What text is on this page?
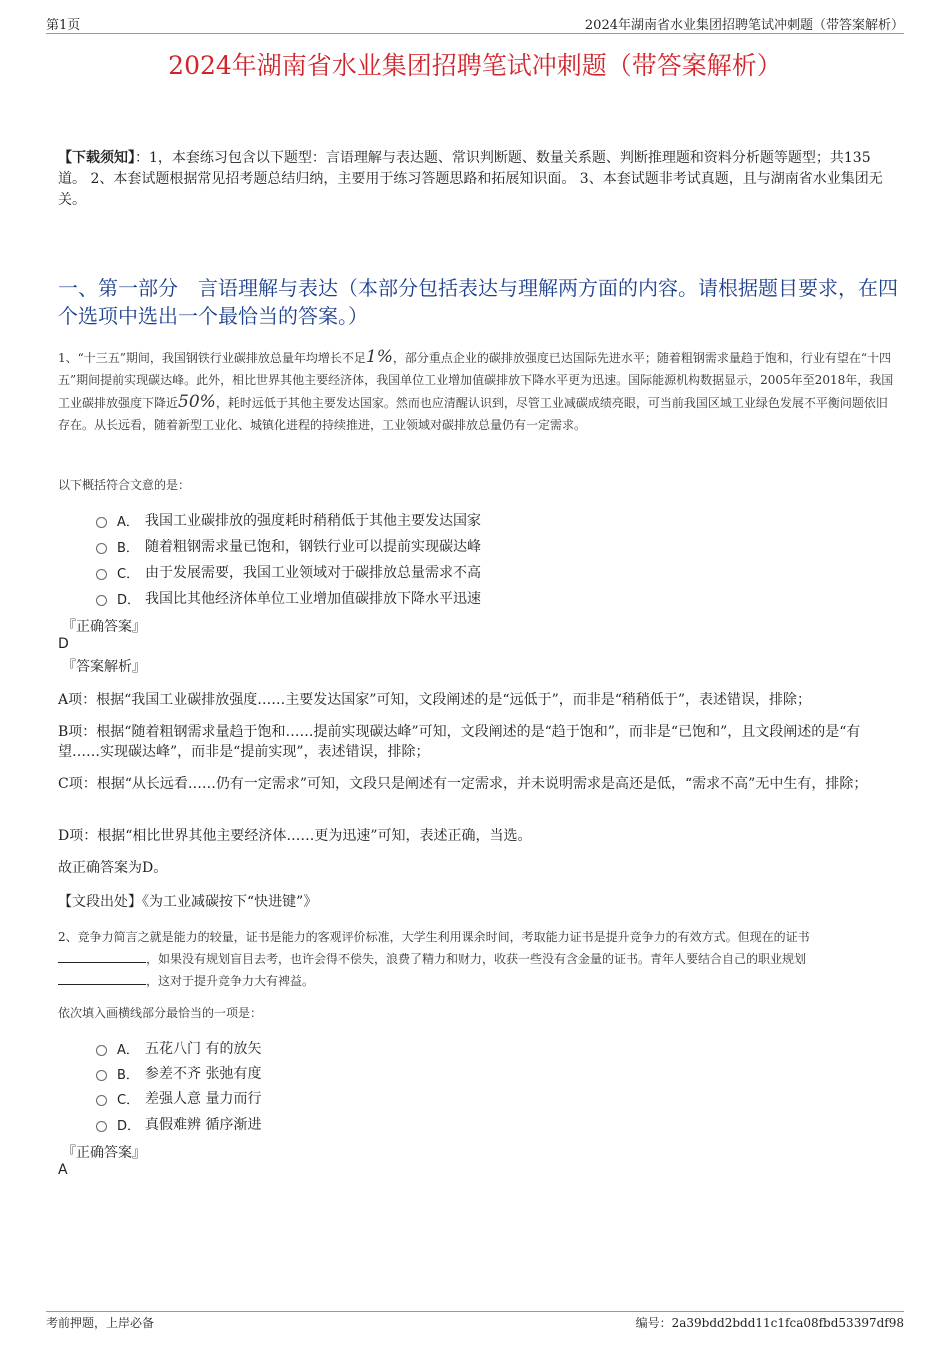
第1页	2024年湖南省水业集团招聘笔试冲刺题（带答案解析）
2024年湖南省水业集团招聘笔试冲刺题（带答案解析）
【下载须知】：1，本套练习包含以下题型：言语理解与表达题、常识判断题、数量关系题、判断推理题和资料分析题等题型；共135道。 2、本套试题根据常见招考题总结归纳，主要用于练习答题思路和拓展知识面。 3、本套试题非考试真题，且与湖南省水业集团无关。
一、第一部分　言语理解与表达（本部分包括表达与理解两方面的内容。请根据题目要求，在四个选项中选出一个最恰当的答案。）
1、“十三五”期间，我国钢铁行业碳排放总量年均增长不足1%，部分重点企业的碳排放强度已达国际先进水平；随着粗钢需求量趋于饱和，行业有望在“十四五”期间提前实现碳达峰。此外，相比世界其他主要经济体，我国单位工业增加值碳排放下降水平更为迅速。国际能源机构数据显示，2005年至2018年，我国工业碳排放强度下降近50%，耗时远低于其他主要发达国家。然而也应清醒认识到，尽管工业减碳成绩亮眼，可当前我国区域工业绿色发展不平衡问题依旧存在。从长远看，随着新型工业化、城镇化进程的持续推进，工业领域对碳排放总量仍有一定需求。
以下概括符合文意的是：
A． 我国工业碳排放的强度耗时稍稍低于其他主要发达国家
B． 随着粗钢需求量已饱和，钢铁行业可以提前实现碳达峰
C． 由于发展需要，我国工业领域对于碳排放总量需求不高
D． 我国比其他经济体单位工业增加值碳排放下降水平迅速
『正确答案』
D
『答案解析』
A项：根据“我国工业碳排放强度……主要发达国家”可知，文段阐述的是“远低于”，而非是“稍稍低于”，表述错误，排除；
B项：根据“随着粗钢需求量趋于饱和……提前实现碳达峰”可知，文段阐述的是“趋于饱和”，而非是“已饱和”，且文段阐述的是“有望……实现碳达峰”，而非是“提前实现”，表述错误，排除；
C项：根据“从长远看……仍有一定需求”可知，文段只是阐述有一定需求，并未说明需求是高还是低，“需求不高”无中生有，排除；
D项：根据“相比世界其他主要经济体……更为迅速”可知，表述正确，当选。
故正确答案为D。
【文段出处】《为工业减碳按下“快进键”》
2、竞争力简言之就是能力的较量，证书是能力的客观评价标准，大学生利用课余时间，考取能力证书是提升竞争力的有效方式。但现在的证书
，如果没有规划盲目去考，也许会得不偿失，浪费了精力和财力，收获一些没有含金量的证书。青年人要结合自己的职业规划
，这对于提升竞争力大有裨益。
依次填入画横线部分最恰当的一项是：
A． 五花八门 有的放矢
B． 参差不齐 张弛有度
C． 差强人意 量力而行
D． 真假难辨 循序渐进
『正确答案』
A
考前押题，上岸必备	编号：2a39bdd2bdd11c1fca08fbd53397df98
